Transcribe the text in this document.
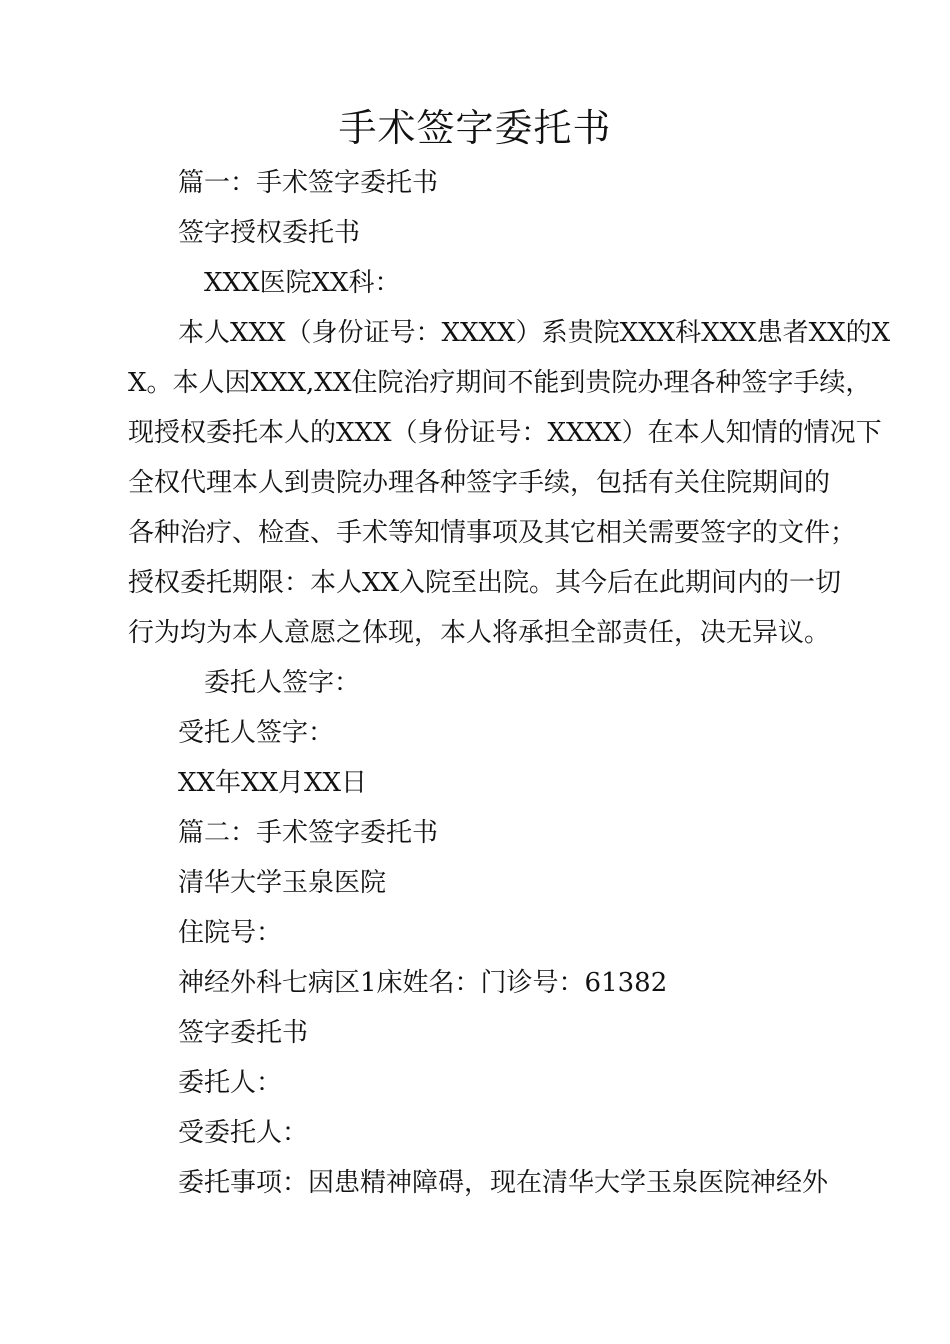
手术签字委托书

篇一：手术签字委托书

签字授权委托书

XXX医院XX科：

本人XXX（身份证号：XXXX）系贵院XXX科XXX患者XX的X

X。本人因XXX,XX住院治疗期间不能到贵院办理各种签字手续，

现授权委托本人的XXX（身份证号：XXXX）在本人知情的情况下

全权代理本人到贵院办理各种签字手续，包括有关住院期间的

各种治疗、检查、手术等知情事项及其它相关需要签字的文件；

授权委托期限：本人XX入院至出院。其今后在此期间内的一切

行为均为本人意愿之体现，本人将承担全部责任，决无异议。

委托人签字：

受托人签字：

XX年XX月XX日

篇二：手术签字委托书

清华大学玉泉医院

住院号：

神经外科七病区1床姓名：门诊号：61382

签字委托书

委托人：

受委托人：

委托事项：因患精神障碍，现在清华大学玉泉医院神经外
